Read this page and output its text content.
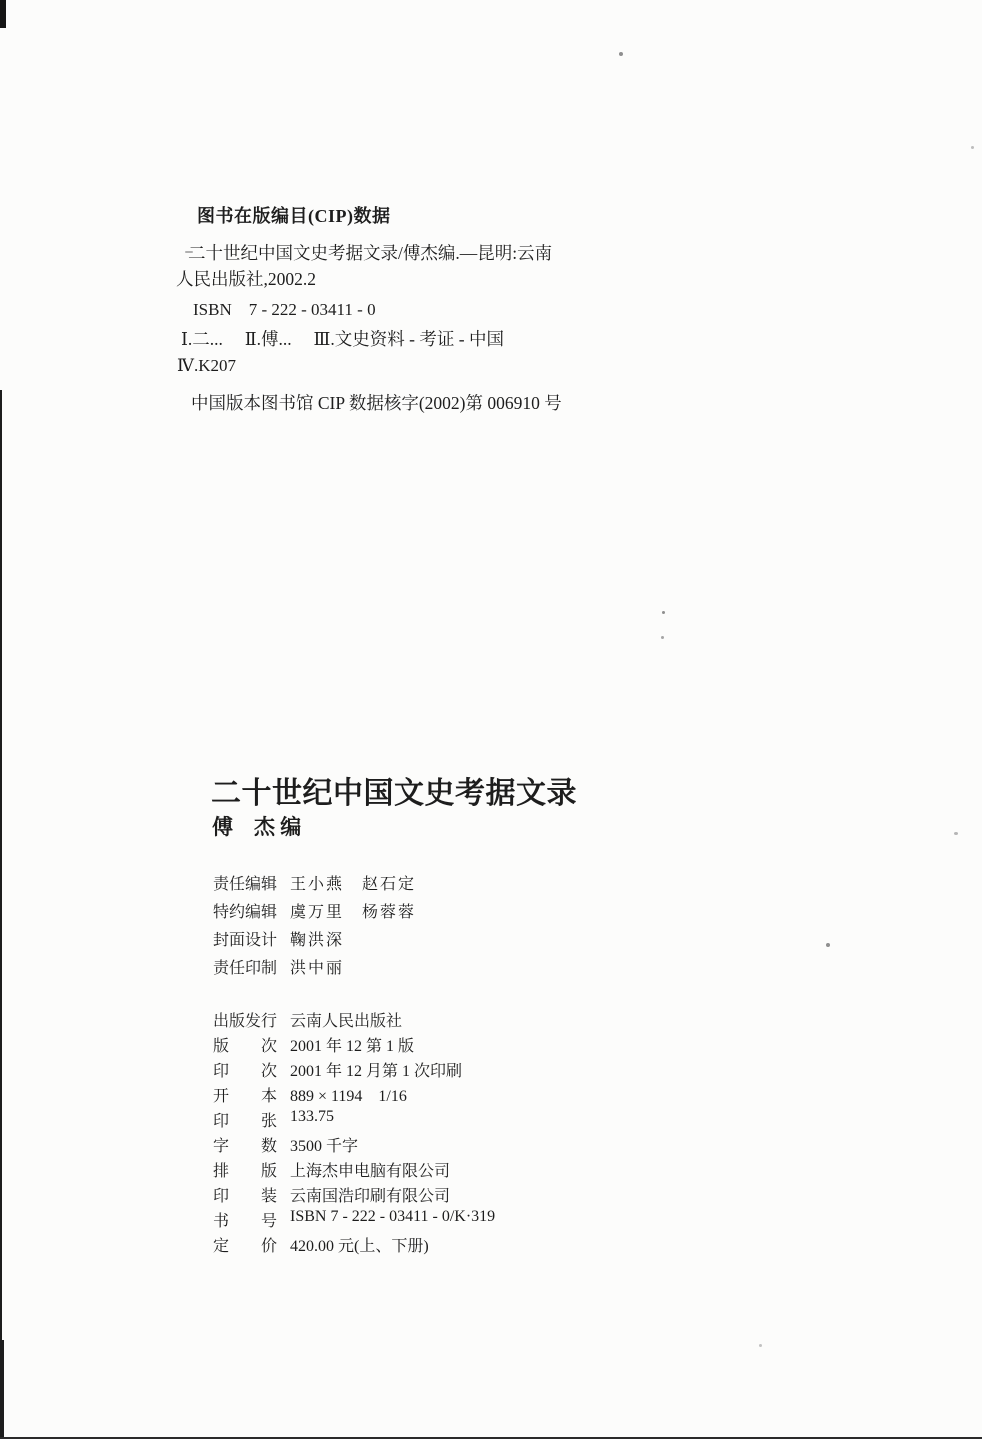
图书在版编目(CIP)数据
二十世纪中国文史考据文录/傅杰编.—昆明:云南
人民出版社,2002.2
ISBN　7 - 222 - 03411 - 0
Ⅰ.二...　 Ⅱ.傅...　 Ⅲ.文史资料 - 考证 - 中国
Ⅳ.K207
中国版本图书馆 CIP 数据核字(2002)第 006910 号
二十世纪中国文史考据文录
傅　杰 编
责任编辑 王小燕　赵石定
特约编辑 虞万里　杨蓉蓉
封面设计 鞠洪深
责任印制 洪中丽
出版发行 云南人民出版社
版　　次 2001 年 12 第 1 版
印　　次 2001 年 12 月第 1 次印刷
开　　本 889 × 1194　1/16
印　　张 133.75
字　　数 3500 千字
排　　版 上海杰申电脑有限公司
印　　装 云南国浩印刷有限公司
书　　号 ISBN 7 - 222 - 03411 - 0/K·319
定　　价 420.00 元(上、下册)
